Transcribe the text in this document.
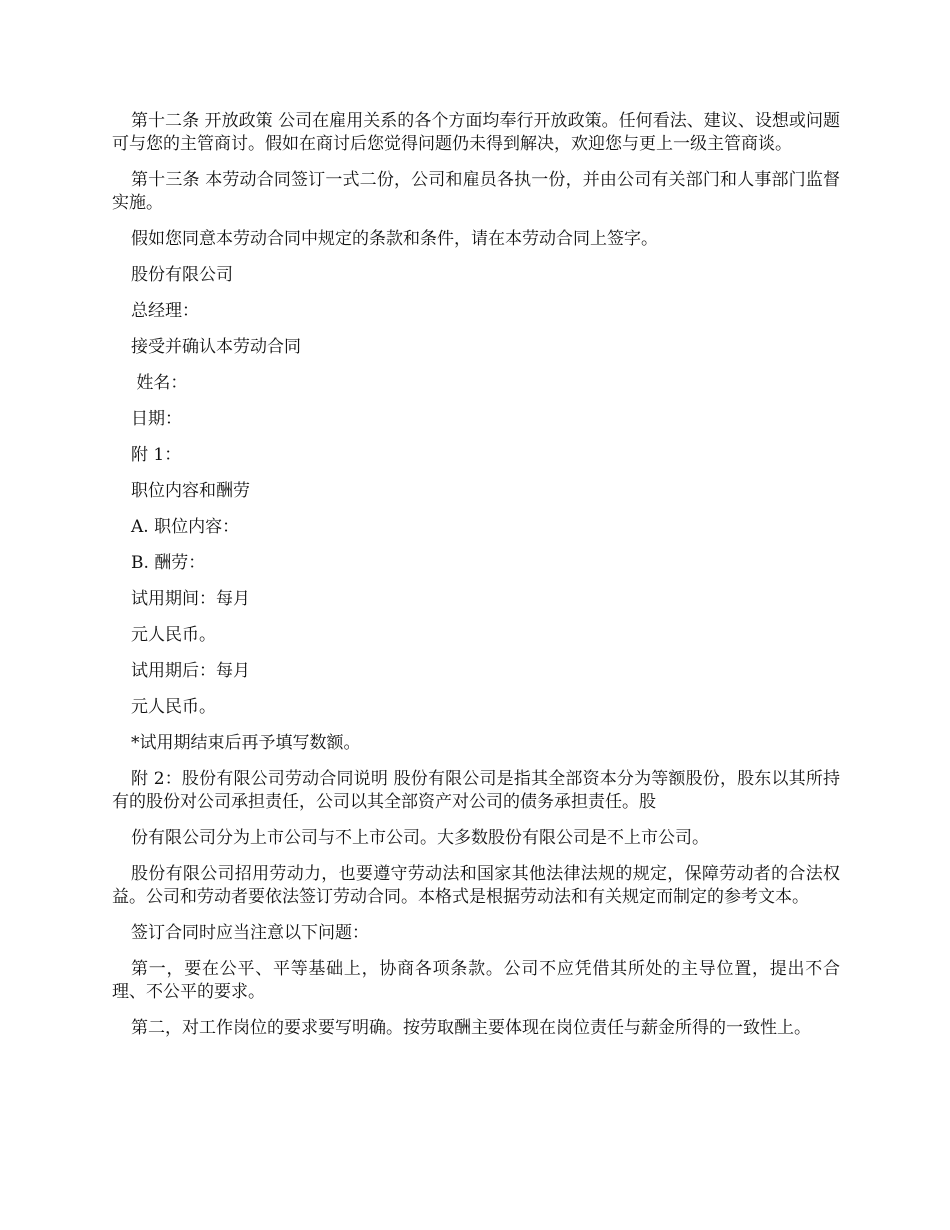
第十二条 开放政策 公司在雇用关系的各个方面均奉行开放政策。任何看法、建议、设想或问题可与您的主管商讨。假如在商讨后您觉得问题仍未得到解决，欢迎您与更上一级主管商谈。

第十三条 本劳动合同签订一式二份，公司和雇员各执一份，并由公司有关部门和人事部门监督实施。

假如您同意本劳动合同中规定的条款和条件，请在本劳动合同上签字。

股份有限公司

总经理：

接受并确认本劳动合同

姓名：

日期：

附 1：

职位内容和酬劳

A. 职位内容：

B. 酬劳：

试用期间：每月

元人民币。

试用期后：每月

元人民币。

*试用期结束后再予填写数额。

附 2：股份有限公司劳动合同说明 股份有限公司是指其全部资本分为等额股份，股东以其所持有的股份对公司承担责任，公司以其全部资产对公司的债务承担责任。股

份有限公司分为上市公司与不上市公司。大多数股份有限公司是不上市公司。

股份有限公司招用劳动力，也要遵守劳动法和国家其他法律法规的规定，保障劳动者的合法权益。公司和劳动者要依法签订劳动合同。本格式是根据劳动法和有关规定而制定的参考文本。

签订合同时应当注意以下问题：

第一，要在公平、平等基础上，协商各项条款。公司不应凭借其所处的主导位置，提出不合理、不公平的要求。

第二，对工作岗位的要求要写明确。按劳取酬主要体现在岗位责任与薪金所得的一致性上。
